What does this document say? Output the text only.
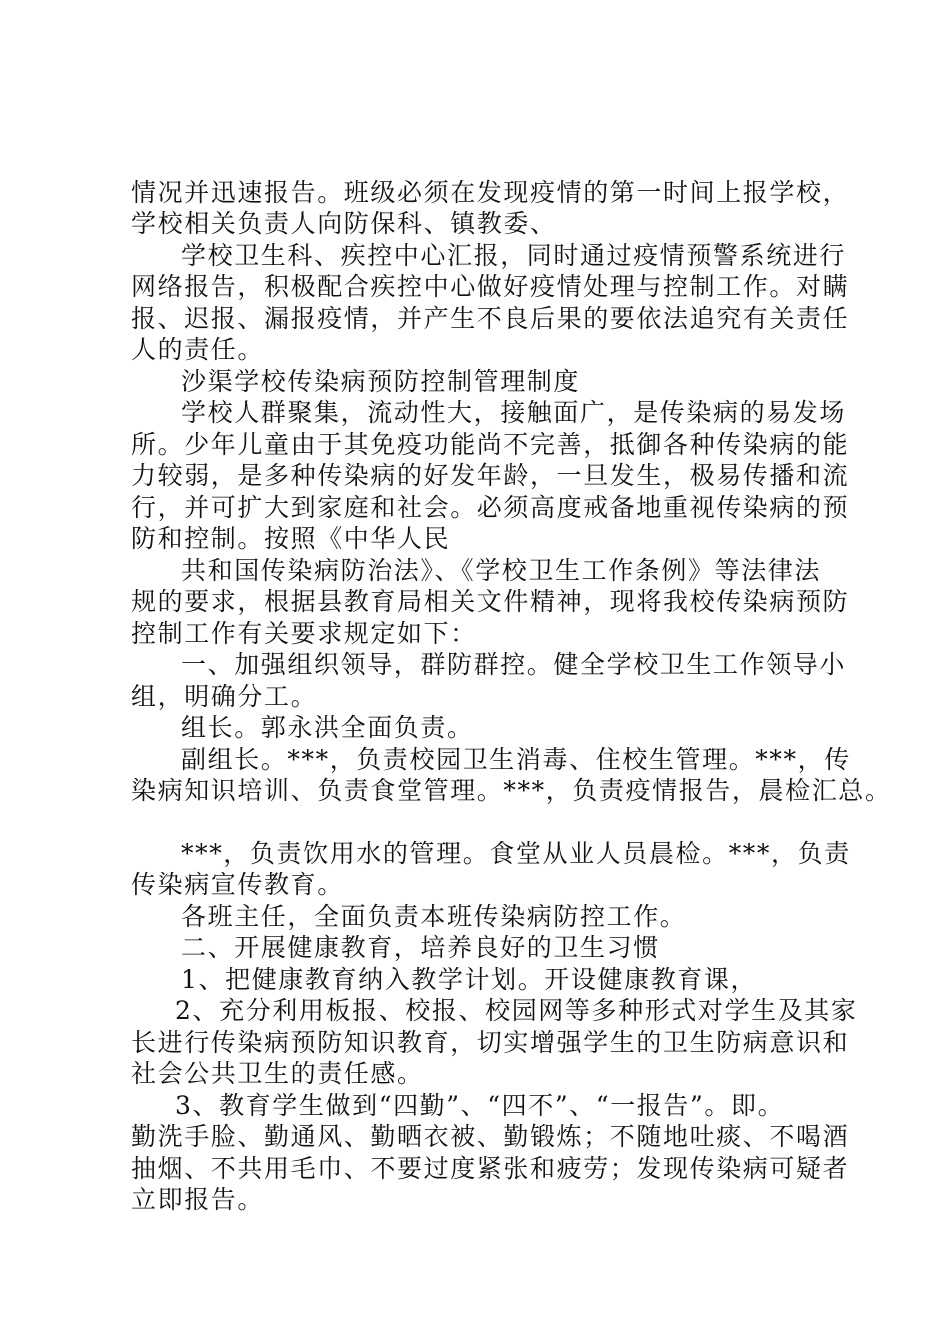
情况并迅速报告。班级必须在发现疫情的第一时间上报学校，
学校相关负责人向防保科、镇教委、
学校卫生科、疾控中心汇报，同时通过疫情预警系统进行
网络报告，积极配合疾控中心做好疫情处理与控制工作。对瞒
报、迟报、漏报疫情，并产生不良后果的要依法追究有关责任
人的责任。
沙渠学校传染病预防控制管理制度
学校人群聚集，流动性大，接触面广，是传染病的易发场
所。少年儿童由于其免疫功能尚不完善，抵御各种传染病的能
力较弱，是多种传染病的好发年龄，一旦发生，极易传播和流
行，并可扩大到家庭和社会。必须高度戒备地重视传染病的预
防和控制。按照《中华人民
共和国传染病防治法》、《学校卫生工作条例》等法律法
规的要求，根据县教育局相关文件精神，现将我校传染病预防
控制工作有关要求规定如下：
一、加强组织领导，群防群控。健全学校卫生工作领导小
组，明确分工。
组长。郭永洪全面负责。
副组长。***，负责校园卫生消毒、住校生管理。***，传
染病知识培训、负责食堂管理。***，负责疫情报告，晨检汇总。
***，负责饮用水的管理。食堂从业人员晨检。***，负责
传染病宣传教育。
各班主任，全面负责本班传染病防控工作。
二、开展健康教育，培养良好的卫生习惯
1、把健康教育纳入教学计划。开设健康教育课，
2、充分利用板报、校报、校园网等多种形式对学生及其家
长进行传染病预防知识教育，切实增强学生的卫生防病意识和
社会公共卫生的责任感。
3、教育学生做到“四勤”、“四不”、“一报告”。即。
勤洗手脸、勤通风、勤晒衣被、勤锻炼；不随地吐痰、不喝酒
抽烟、不共用毛巾、不要过度紧张和疲劳；发现传染病可疑者
立即报告。
